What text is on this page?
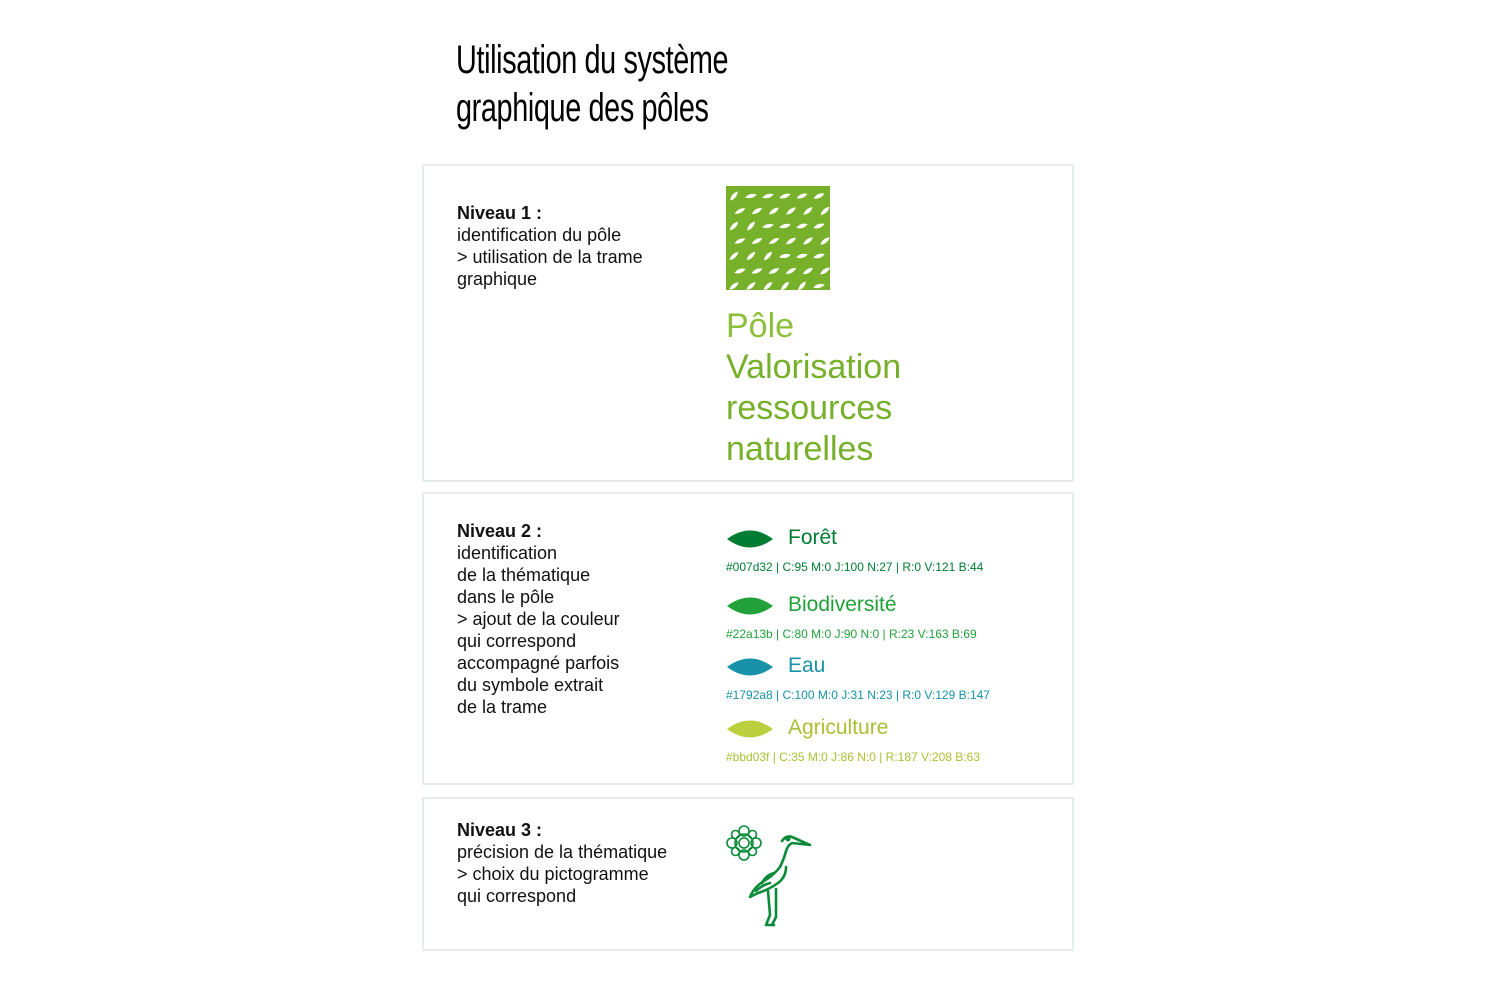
Utilisation du système
graphique des pôles
Niveau 1 :
identification du pôle
> utilisation de la trame
graphique
Pôle
Valorisation
ressources
naturelles
Niveau 2 :
identification
de la thématique
dans le pôle
> ajout de la couleur
qui correspond
accompagné parfois
du symbole extrait
de la trame
Forêt
#007d32 | C:95 M:0 J:100 N:27 | R:0 V:121 B:44
Biodiversité
#22a13b | C:80 M:0 J:90 N:0 | R:23 V:163 B:69
Eau
#1792a8 | C:100 M:0 J:31 N:23 | R:0 V:129 B:147
Agriculture
#bbd03f | C:35 M:0 J:86 N:0 | R:187 V:208 B:63
Niveau 3 :
précision de la thématique
> choix du pictogramme
qui correspond
